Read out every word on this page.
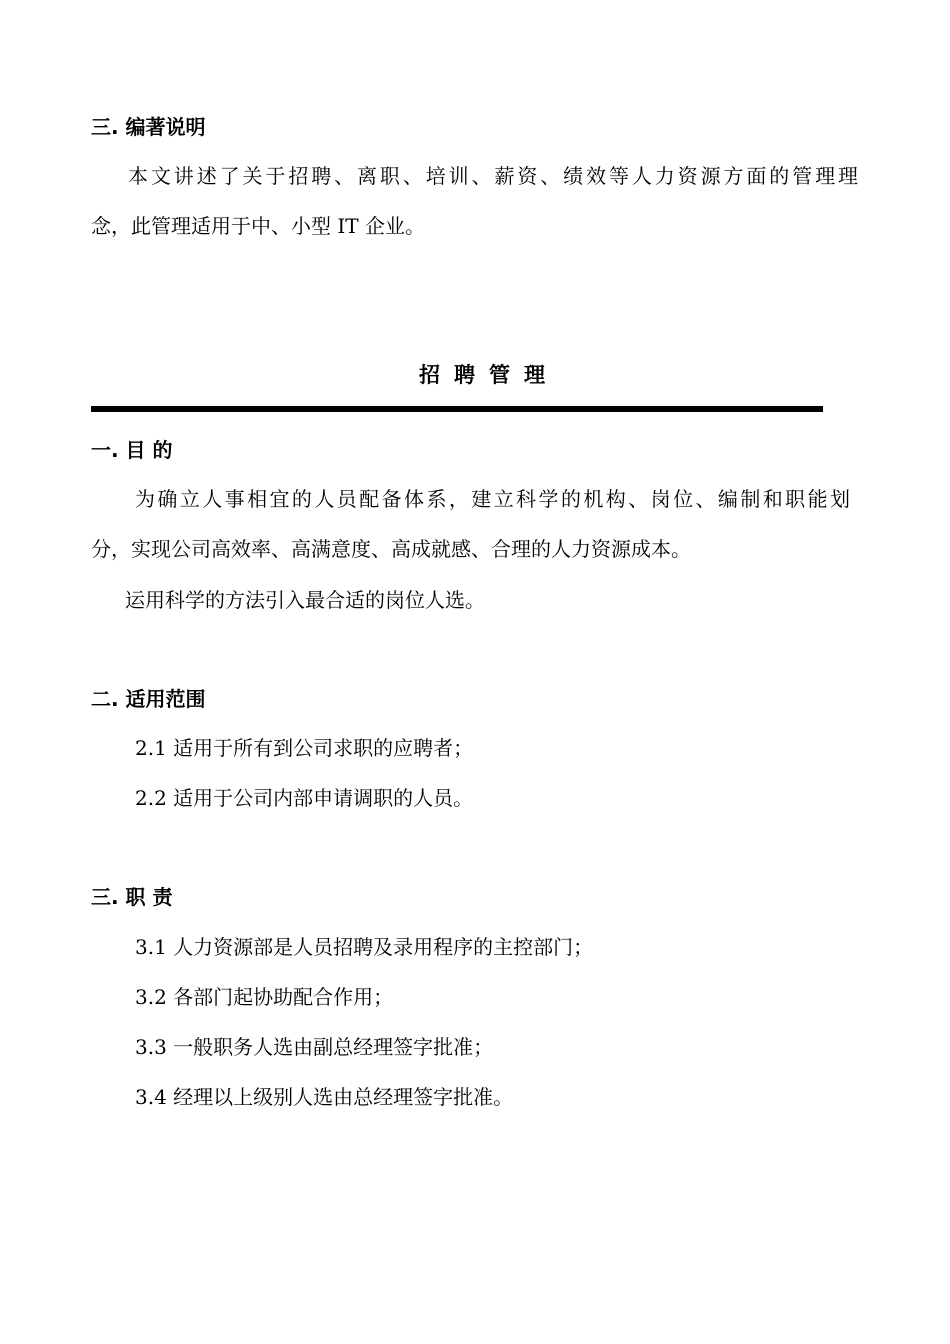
三. 编著说明
本文讲述了关于招聘、离职、培训、薪资、绩效等人力资源方面的管理理
念，此管理适用于中、小型 IT 企业。
招聘管理
一. 目 的
为确立人事相宜的人员配备体系，建立科学的机构、岗位、编制和职能划
分，实现公司高效率、高满意度、高成就感、合理的人力资源成本。
运用科学的方法引入最合适的岗位人选。
二. 适用范围
2.1 适用于所有到公司求职的应聘者；
2.2 适用于公司内部申请调职的人员。
三. 职 责
3.1 人力资源部是人员招聘及录用程序的主控部门；
3.2 各部门起协助配合作用；
3.3 一般职务人选由副总经理签字批准；
3.4 经理以上级别人选由总经理签字批准。
